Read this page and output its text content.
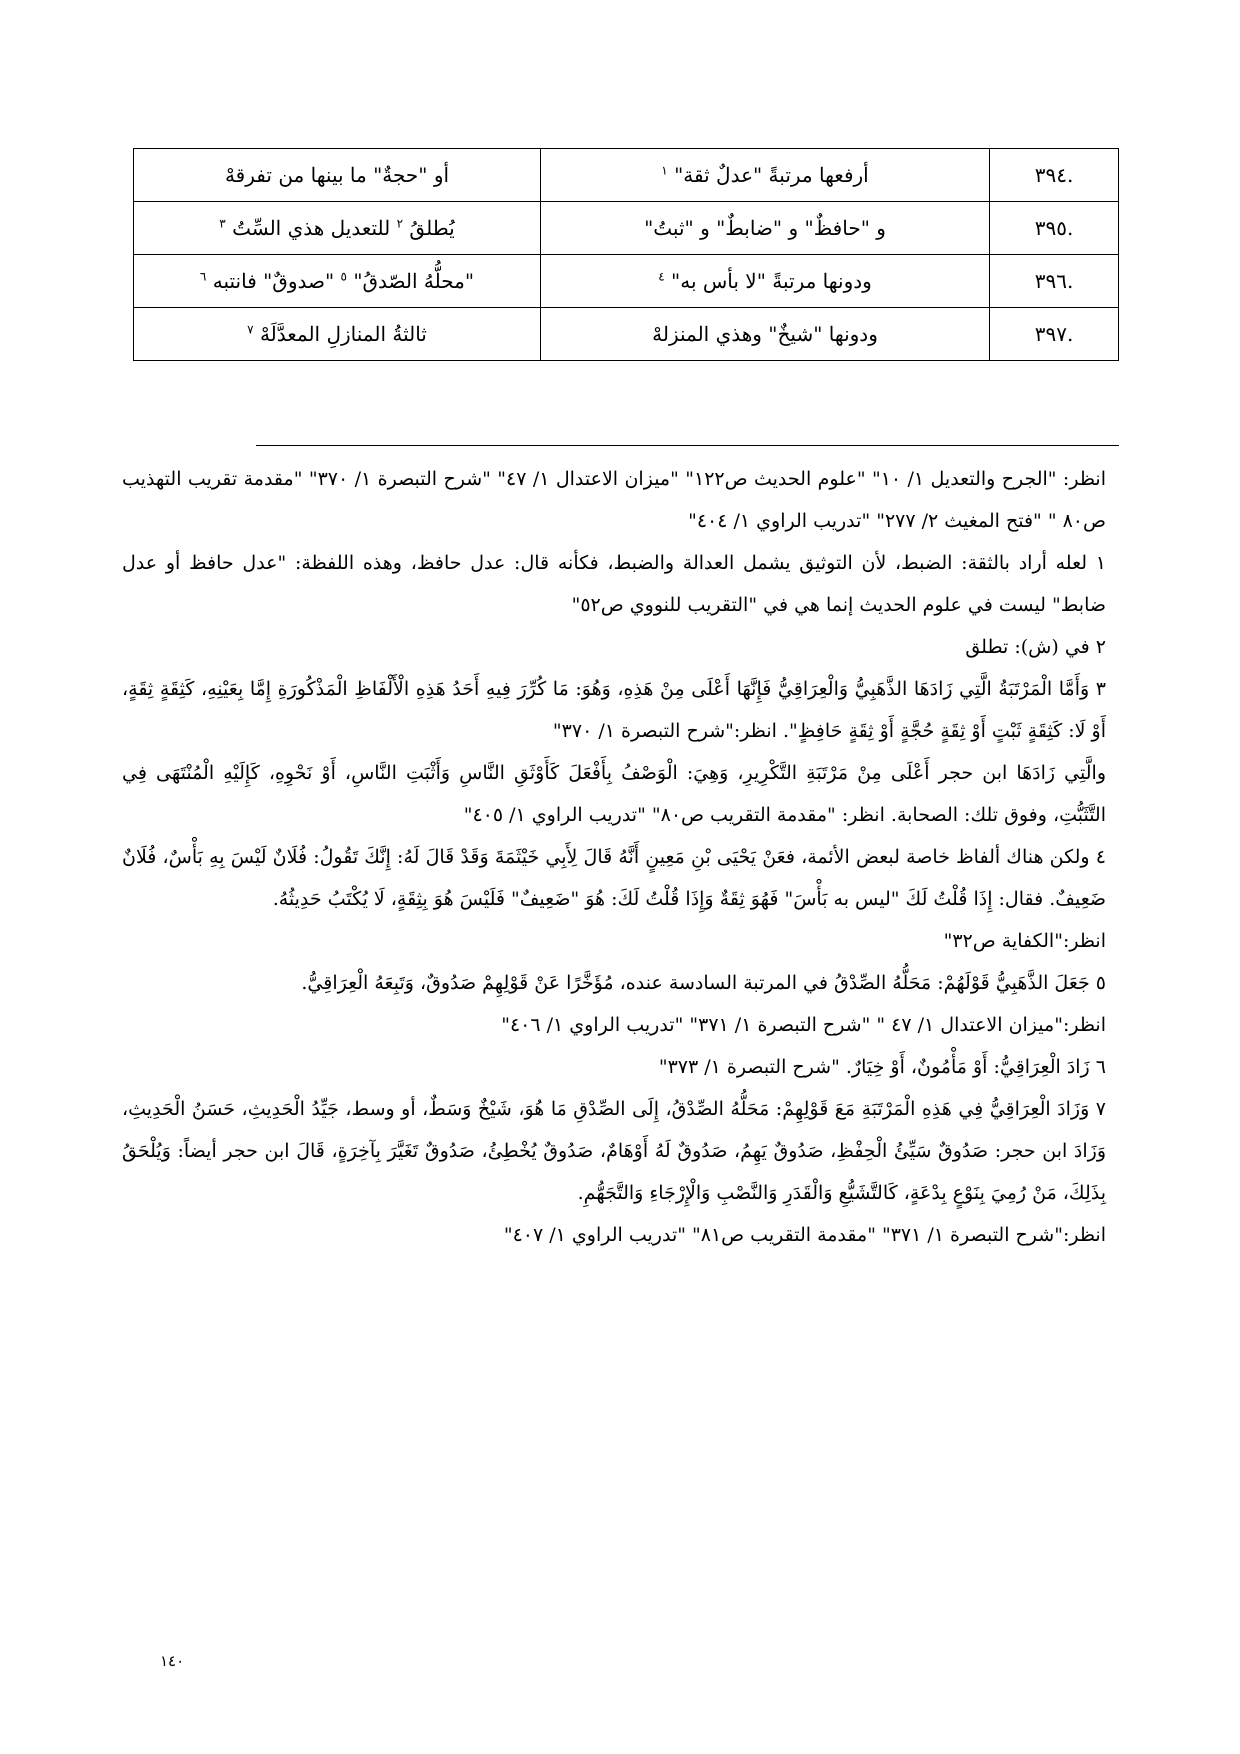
.٣٩٤	أرفعها مرتبةً "عدلٌ ثقة" $^١$	أو "حجةٌ" ما بينها من تفرقهْ
.٣٩٥	و "حافظٌ" و "ضابطٌ" و "ثبتُ"	يُطلقُ $^٢$ للتعديل هذي السِّتُ $^٣$
.٣٩٦	ودونها مرتبةً "لا بأس به" $^٤$	"محلُّهُ الصّدقُ" $^٥$ "صدوقٌ" فانتبه $^٦$
.٣٩٧	ودونها "شيخٌ" وهذي المنزلهْ	ثالثةُ المنازلِ المعدَّلَهْ $^٧$

انظر: "الجرح والتعديل ١/ ١٠" "علوم الحديث ص١٢٢" "ميزان الاعتدال ١/ ٤٧" "شرح التبصرة ١/ ٣٧٠" "مقدمة تقريب التهذيب ص٨٠ " "فتح المغيث ٢/ ٢٧٧" "تدريب الراوي ١/ ٤٠٤"

١ لعله أراد بالثقة: الضبط، لأن التوثيق يشمل العدالة والضبط، فكأنه قال: عدل حافظ، وهذه اللفظة: "عدل حافظ أو عدل ضابط" ليست في علوم الحديث إنما هي في "التقريب للنووي ص٥٢"

٢ في (ش): تطلق

٣ وَأَمَّا الْمَرْتَبَةُ الَّتِي زَادَهَا الذَّهَبِيُّ وَالْعِرَاقِيُّ فَإِنَّهَا أَعْلَى مِنْ هَذِهِ، وَهُوَ: مَا كُرِّرَ فِيهِ أَحَدُ هَذِهِ الْأَلْفَاظِ الْمَذْكُورَةِ إِمَّا بِعَيْنِهِ، كَثِقَةٍ ثِقَةٍ، أَوْ لَا: كَثِقَةٍ ثَبْتٍ أَوْ ثِقَةٍ حُجَّةٍ أَوْ ثِقَةٍ حَافِظٍ". انظر:"شرح التبصرة ١/ ٣٧٠"

والَّتِي زَادَهَا ابن حجر أَعْلَى مِنْ مَرْتَبَةِ التَّكْرِيرِ، وَهِيَ: الْوَصْفُ بِأَفْعَلَ كَأَوْثَقِ النَّاسِ وَأَثْبَتِ النَّاسِ، أَوْ نَحْوِهِ، كَإِلَيْهِ الْمُنْتَهَى فِي التَّثَبُّتِ، وفوق تلك: الصحابة. انظر: "مقدمة التقريب ص٨٠" "تدريب الراوي ١/ ٤٠٥"

٤ ولكن هناك ألفاظ خاصة لبعض الأئمة، فعَنْ يَحْيَى بْنِ مَعِينٍ أَنَّهُ قَالَ لِأَبِي خَيْثَمَةَ وَقَدْ قَالَ لَهُ: إِنَّكَ تَقُولُ: فُلَانٌ لَيْسَ بِهِ بَأْسٌ، فُلَانٌ ضَعِيفٌ. فقال: إِذَا قُلْتُ لَكَ "ليس به بَأْسَ" فَهُوَ ثِقَةٌ وَإِذَا قُلْتُ لَكَ: هُوَ "ضَعِيفٌ" فَلَيْسَ هُوَ بِثِقَةٍ، لَا يُكْتَبُ حَدِيثُهُ.

انظر:"الكفاية ص٣٢"

٥ جَعَلَ الذَّهَبِيُّ قَوْلَهُمْ: مَحَلُّهُ الصِّدْقُ في المرتبة السادسة عنده، مُؤَخَّرًا عَنْ قَوْلِهِمْ صَدُوقٌ، وَتَبِعَهُ الْعِرَاقِيُّ.

انظر:"ميزان الاعتدال ١/ ٤٧ " "شرح التبصرة ١/ ٣٧١" "تدريب الراوي ١/ ٤٠٦"

٦ زَادَ الْعِرَاقِيُّ: أَوْ مَأْمُونٌ، أَوْ خِيَارٌ. "شرح التبصرة ١/ ٣٧٣"

٧ وَزَادَ الْعِرَاقِيُّ فِي هَذِهِ الْمَرْتَبَةِ مَعَ قَوْلِهِمْ: مَحَلُّهُ الصِّدْقُ، إِلَى الصِّدْقِ مَا هُوَ، شَيْخٌ وَسَطٌ، أو وسط، جَيِّدُ الْحَدِيثِ، حَسَنُ الْحَدِيثِ، وَزَادَ ابن حجر: صَدُوقٌ سَيِّئُ الْحِفْظِ، صَدُوقٌ يَهِمُ، صَدُوقٌ لَهُ أَوْهَامٌ، صَدُوقٌ يُخْطِئُ، صَدُوقٌ تَغَيَّرَ بِآخِرَةٍ، قَالَ ابن حجر أيضاً: وَيُلْحَقُ بِذَلِكَ، مَنْ رُمِيَ بِنَوْعٍ بِدْعَةٍ، كَالتَّشَيُّعِ وَالْقَدَرِ وَالنَّصْبِ وَالْإِرْجَاءِ وَالتَّجَهُّمِ.

انظر:"شرح التبصرة ١/ ٣٧١" "مقدمة التقريب ص٨١" "تدريب الراوي ١/ ٤٠٧"

١٤٠
